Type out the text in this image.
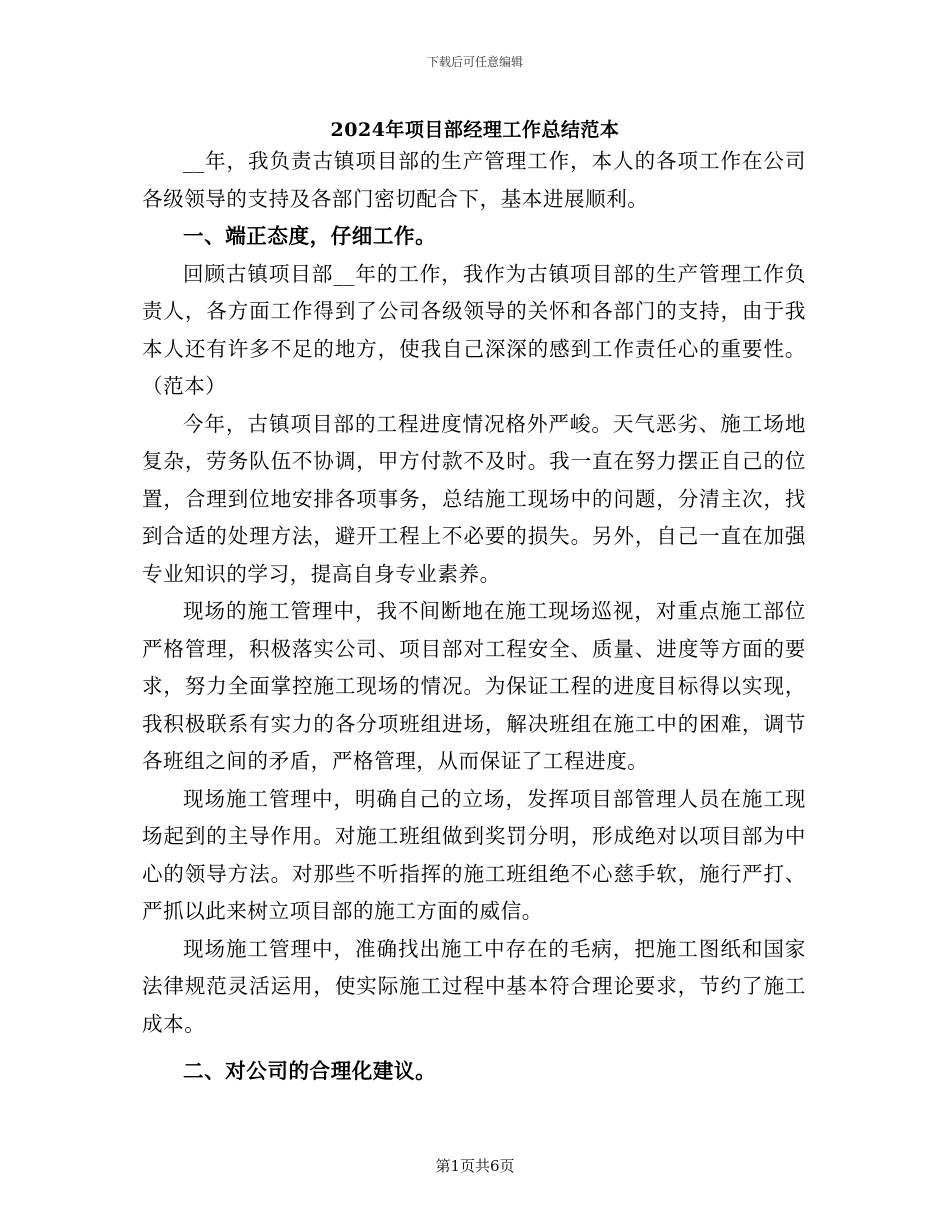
下载后可任意编辑
2024年项目部经理工作总结范本

__年，我负责古镇项目部的生产管理工作，本人的各项工作在公司各级领导的支持及各部门密切配合下，基本进展顺利。

一、端正态度，仔细工作。

回顾古镇项目部__年的工作，我作为古镇项目部的生产管理工作负责人，各方面工作得到了公司各级领导的关怀和各部门的支持，由于我本人还有许多不足的地方，使我自己深深的感到工作责任心的重要性。（范本）

今年，古镇项目部的工程进度情况格外严峻。天气恶劣、施工场地复杂，劳务队伍不协调，甲方付款不及时。我一直在努力摆正自己的位置，合理到位地安排各项事务，总结施工现场中的问题，分清主次，找到合适的处理方法，避开工程上不必要的损失。另外，自己一直在加强专业知识的学习，提高自身专业素养。

现场的施工管理中，我不间断地在施工现场巡视，对重点施工部位严格管理，积极落实公司、项目部对工程安全、质量、进度等方面的要求，努力全面掌控施工现场的情况。为保证工程的进度目标得以实现，我积极联系有实力的各分项班组进场，解决班组在施工中的困难，调节各班组之间的矛盾，严格管理，从而保证了工程进度。

现场施工管理中，明确自己的立场，发挥项目部管理人员在施工现场起到的主导作用。对施工班组做到奖罚分明，形成绝对以项目部为中心的领导方法。对那些不听指挥的施工班组绝不心慈手软，施行严打、严抓以此来树立项目部的施工方面的威信。

现场施工管理中，准确找出施工中存在的毛病，把施工图纸和国家法律规范灵活运用，使实际施工过程中基本符合理论要求，节约了施工成本。

二、对公司的合理化建议。

第1页共6页
